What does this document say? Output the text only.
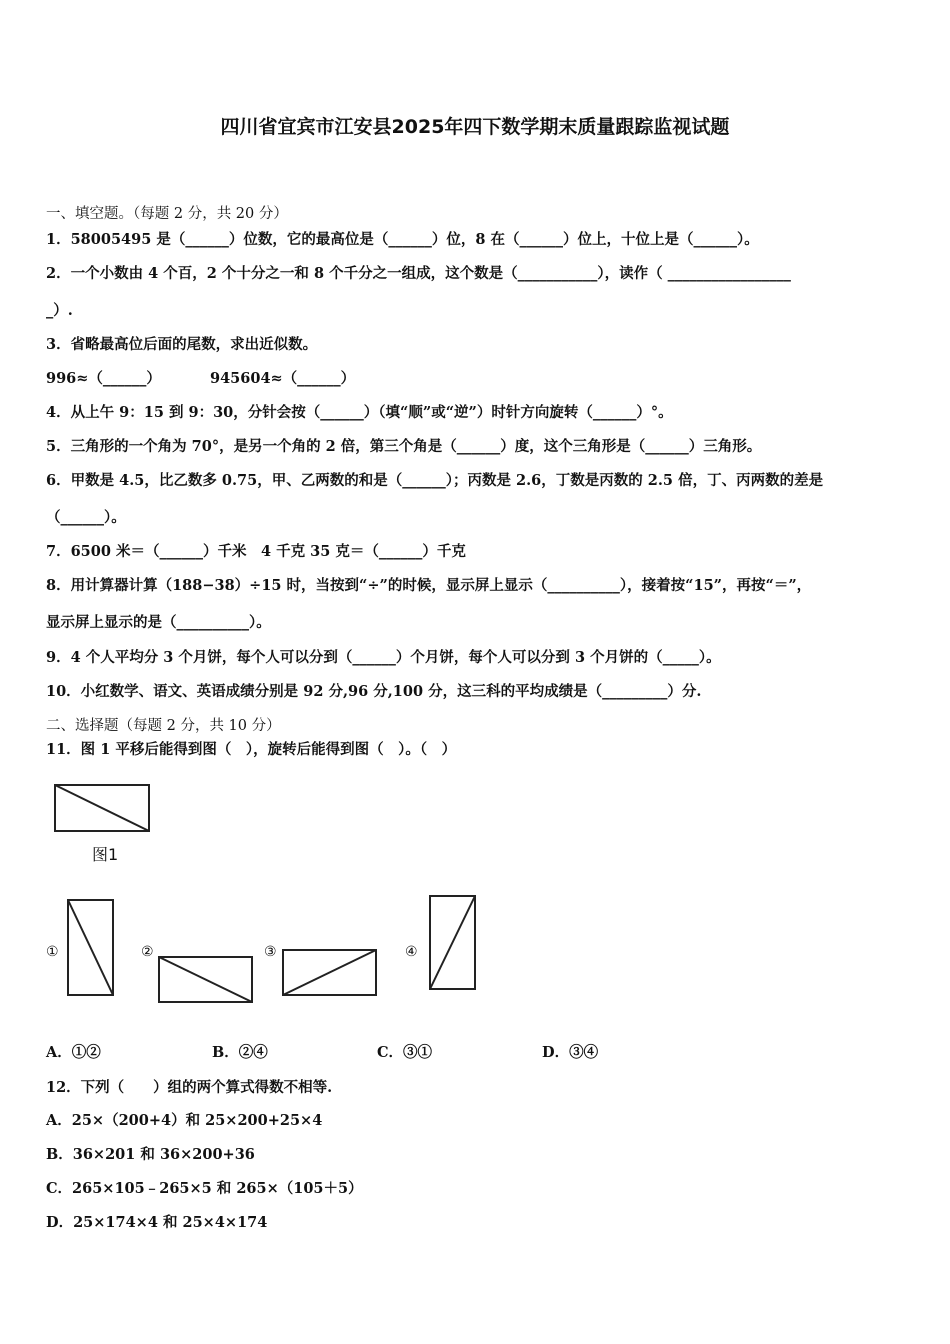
四川省宜宾市江安县2025年四下数学期末质量跟踪监视试题
一、填空题。（每题 2 分，共 20 分）
1．58005495 是（______）位数，它的最高位是（______）位，8 在（______）位上，十位上是（______）。
2．一个小数由 4 个百，2 个十分之一和 8 个千分之一组成，这个数是（___________），读作（ _________________
_）.
3．省略最高位后面的尾数，求出近似数。
996≈（______）	945604≈（______）
4．从上午 9：15 到 9：30，分针会按（______）（填“顺”或“逆”）时针方向旋转（______）°。
5．三角形的一个角为 70°，是另一个角的 2 倍，第三个角是（______）度，这个三角形是（______）三角形。
6．甲数是 4.5，比乙数多 0.75，甲、乙两数的和是（______）；丙数是 2.6，丁数是丙数的 2.5 倍，丁、丙两数的差是
（______）。
7．6500 米＝（______）千米　4 千克 35 克＝（______）千克
8．用计算器计算（188−38）÷15 时，当按到“÷”的时候，显示屏上显示（__________），接着按“15”，再按“＝”，
显示屏上显示的是（__________）。
9．4 个人平均分 3 个月饼，每个人可以分到（______）个月饼，每个人可以分到 3 个月饼的（_____）。
10．小红数学、语文、英语成绩分别是 92 分,96 分,100 分，这三科的平均成绩是（_________）分.
二、选择题（每题 2 分，共 10 分）
11．图 1 平移后能得到图（　），旋转后能得到图（　）。（　）
图1
①	②	③	④
A．①②	B．②④	C．③①	D．③④
12．下列（　　）组的两个算式得数不相等.
A．25×（200+4）和 25×200+25×4
B．36×201 和 36×200+36
C．265×105﹣265×5 和 265×（105＋5）
D．25×174×4 和 25×4×174
